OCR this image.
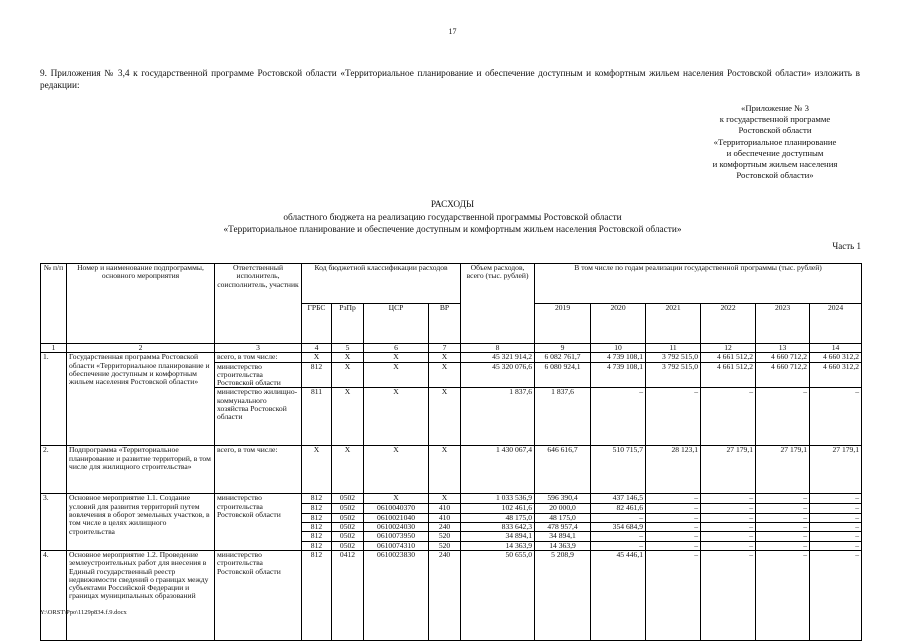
17
9. Приложения № 3,4 к государственной программе Ростовской области «Территориальное планирование и обеспечение доступным и комфортным жильем населения Ростовской области» изложить в редакции:
«Приложение № 3
к государственной программе
Ростовской области
«Территориальное планирование
и обеспечение доступным
и комфортным жильем населения
Ростовской области»
РАСХОДЫ
областного бюджета на реализацию государственной программы Ростовской области
«Территориальное планирование и обеспечение доступным и комфортным жильем населения Ростовской области»
Часть 1
№ п/п	Номер и наименование подпрограммы, основного мероприятия	Ответственный исполнитель, соисполнитель, участник	Код бюджетной классификации расходов				Объем расходов, всего (тыс. рублей)	В том числе по годам реализации государственной программы (тыс. рублей)					
			ГРБС	РзПр	ЦСР	ВР		2019	2020	2021	2022	2023	2024
1	2	3	4	5	6	7	8	9	10	11	12	13	14
1.	Государственная программа Ростовской области «Территориальное планирование и обеспечение доступным и комфортным жильем населения Ростовской области»	всего, в том числе:	X	X	X	X	45 321 914,2	6 082 761,7	4 739 108,1	3 792 515,0	4 661 512,2	4 660 712,2	4 660 312,2
		министерство строительства Ростовской области	812	X	X	X	45 320 076,6	6 080 924,1	4 739 108,1	3 792 515,0	4 661 512,2	4 660 712,2	4 660 312,2
		министерство жилищно-коммунального хозяйства Ростовской области	811	X	X	X	1 837,6	1 837,6	–	–	–	–	–
2.	Подпрограмма «Территориальное планирование и развитие территорий, в том числе для жилищного строительства»	всего, в том числе:	X	X	X	X	1 430 067,4	646 616,7	510 715,7	28 123,1	27 179,1	27 179,1	27 179,1
3.	Основное мероприятие 1.1. Создание условий для развития территорий путем вовлечения в оборот земельных участков, в том числе в целях жилищного строительства	министерство строительства Ростовской области	812	0502	X	X	1 033 536,9	596 390,4	437 146,5	–	–	–	–
			812	0502	0610040370	410	102 461,6	20 000,0	82 461,6	–	–	–	–
			812	0502	0610021040	410	48 175,0	48 175,0	–	–	–	–	–
			812	0502	0610024030	240	833 642,3	478 957,4	354 684,9	–	–	–	–
			812	0502	0610073950	520	34 894,1	34 894,1	–	–	–	–	–
			812	0502	0610074310	520	14 363,9	14 363,9	–	–	–	–	–
4.	Основное мероприятие 1.2. Проведение землеустроительных работ для внесения в Единый государственный реестр недвижимости сведений о границах между субъектами Российской Федерации и границах муниципальных образований	министерство строительства Ростовской области	812	0412	0610023830	240	50 655,0	5 208,9	45 446,1	–	–	–	–
Y:\ORST\Ppo\1129p834.f.9.docx
